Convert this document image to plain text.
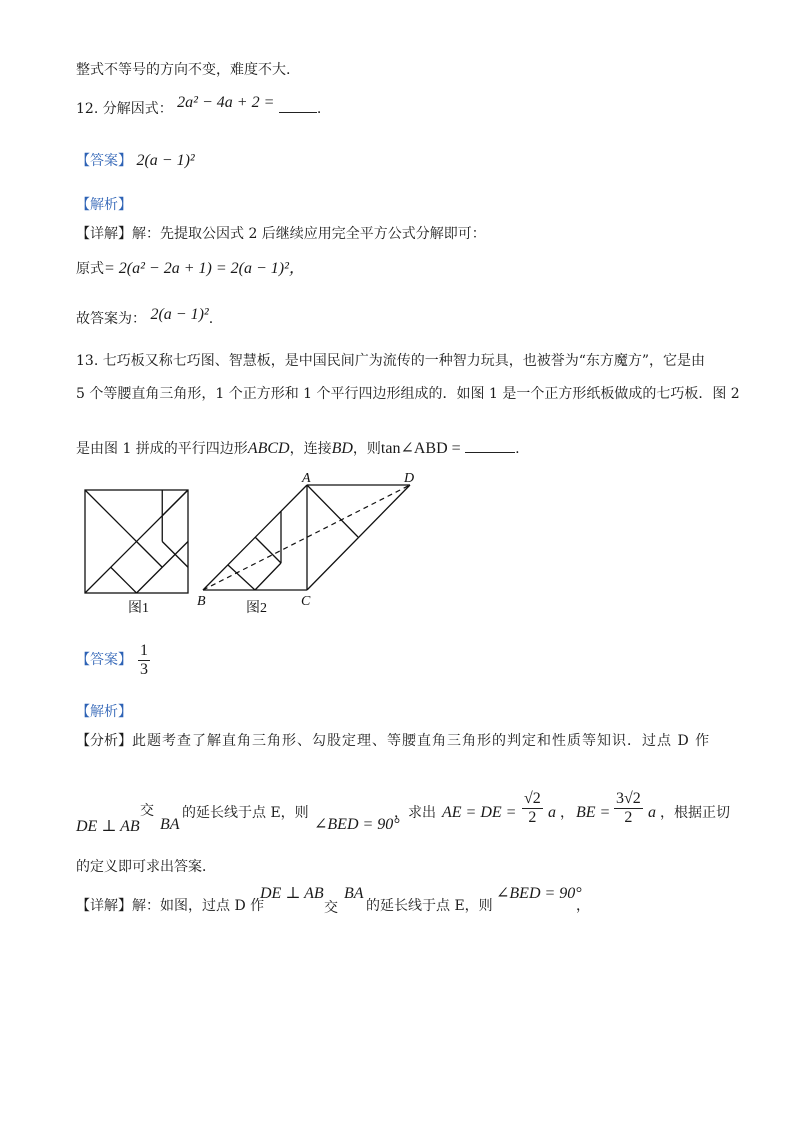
整式不等号的方向不变，难度不大.
12. 分解因式： 2a² − 4a + 2 =	.
【答案】 2(a − 1)²
【解析】
【详解】解：先提取公因式 2 后继续应用完全平方公式分解即可：
原式= 2(a² − 2a + 1) = 2(a − 1)²，
故答案为： 2(a − 1)².
13. 七巧板又称七巧图、智慧板，是中国民间广为流传的一种智力玩具，也被誉为“东方魔方”，它是由
5 个等腰直角三角形，1 个正方形和 1 个平行四边形组成的．如图 1 是一个正方形纸板做成的七巧板．图 2
是由图 1 拼成的平行四边形ABCD，连接BD，则tan∠ABD =	.
图1
A	D
B	C
图2
【答案】 $\frac{1}{3}$
【解析】
【分析】此题考查了解直角三角形、勾股定理、等腰直角三角形的判定和性质等知识．过点 D 作
DE ⊥ AB
交
BA
的延长线于点 E，则
∠BED = 90°
，求出 AE = DE = $\frac{√2}{2}$ a ， BE = $\frac{3√2}{2}$ a ，根据正切
的定义即可求出答案．
【详解】 解：如图，过点 D 作
DE ⊥ AB
交
BA
的延长线于点 E，则
∠BED = 90°
，
